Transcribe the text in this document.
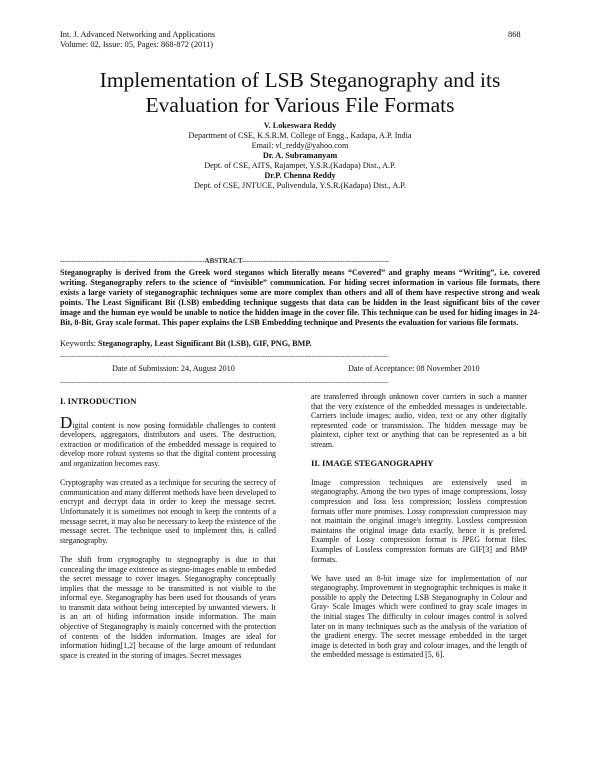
Int. J. Advanced Networking and Applications
Volume: 02, Issue: 05, Pages: 868-872 (2011)
868
Implementation of LSB Steganography and its
Evaluation for Various File Formats
V. Lokeswara Reddy
Department of CSE, K.S.R.M. College of Engg., Kadapa, A.P. India
Email: vl_reddy@yahoo.com
Dr. A. Subramanyam
Dept. of CSE, AITS, Rajampet, Y.S.R.(Kadapa) Dist., A.P.
Dr.P. Chenna Reddy
Dept. of CSE, JNTUCE, Pulivendula, Y.S.R.(Kadapa) Dist., A.P.
--------------------------------------------------------------ABSTRACT---------------------------------------------------------------
Steganography is derived from the Greek word steganos which literally means “Covered” and graphy means “Writing”, i.e. covered writing. Steganography refers to the science of “invisible” communication. For hiding secret information in various file formats, there exists a large variety of steganographic techniques some are more complex than others and all of them have respective strong and weak points. The Least Significant Bit (LSB) embedding technique suggests that data can be hidden in the least significant bits of the cover image and the human eye would be unable to notice the hidden image in the cover file. This technique can be used for hiding images in 24-Bit, 8-Bit, Gray scale format. This paper explains the LSB Embedding technique and Presents the evaluation for various file formats.
Keywords: Steganography, Least Significant Bit (LSB), GIF, PNG, BMP.
---------------------------------------------------------------------------------------------------------------------------------------------
Date of Submission: 24, August 2010	Date of Acceptance: 08 November 2010
---------------------------------------------------------------------------------------------------------------------------------------------
I. INTRODUCTION

Digital content is now posing formidable challenges to content developers, aggregators, distributors and users. The destruction, extraction or modification of the embedded message is required to develop more robust systems so that the digital content processing and organization becomes easy.

Cryptography was created as a technique for securing the secrecy of communication and many different methods have been developed to encrypt and decrypt data in order to keep the message secret. Unfortunately it is sometimes not enough to keep the contents of a message secret, it may also be necessary to keep the existence of the message secret. The technique used to implement this, is called steganography.

The shift from cryptography to stegnography is due to that concealing the image existence as stegno-images enable to embeded the secret message to cover images. Steganography conceptually implies that the message to be transmitted is not visible to the informal eye. Steganography has been used for thousands of years to transmit data without being intercepted by unwanted viewers. It is an art of hiding information inside information. The main objective of Steganography is mainly concerned with the protection of contents of the hidden information. Images are ideal for information hiding[1,2] because of the large amount of redundant space is created in the storing of images. Secret messages

are transferred through unknown cover carriers in such a manner that the very existence of the embedded messages is undetectable. Carriers include images; audio, video, text or any other digitally represented code or transmission. The hidden message may be plaintext, cipher text or anything that can be represented as a bit stream.

II. IMAGE STEGANOGRAPHY

Image compression techniques are extensively used in steganography. Among the two types of image compressions, lossy compression and loss less compression; lossless compression formats offer more promises. Lossy compression compression may not maintain the original image's integrity. Lossless compression maintains the original image data exactly, hence it is prefered. Example of Lossy compression format is JPEG format files. Examples of Lossless compression formats are GIF[3] and BMP formats.

We have used an 8-bit image size for implementation of our steganography. Improvement in stegnographic techniques is make it possible to apply the Detecting LSB Steganography in Colour and Gray- Scale Images which were confined to gray scale images in the initial stages The difficulty in colour images control is solved later on in many techniques such as the analysis of the variation of the gradient energy. The secret message embedded in the target image is detected in both gray and colour images, and the length of the embedded message is estimated [5, 6].
